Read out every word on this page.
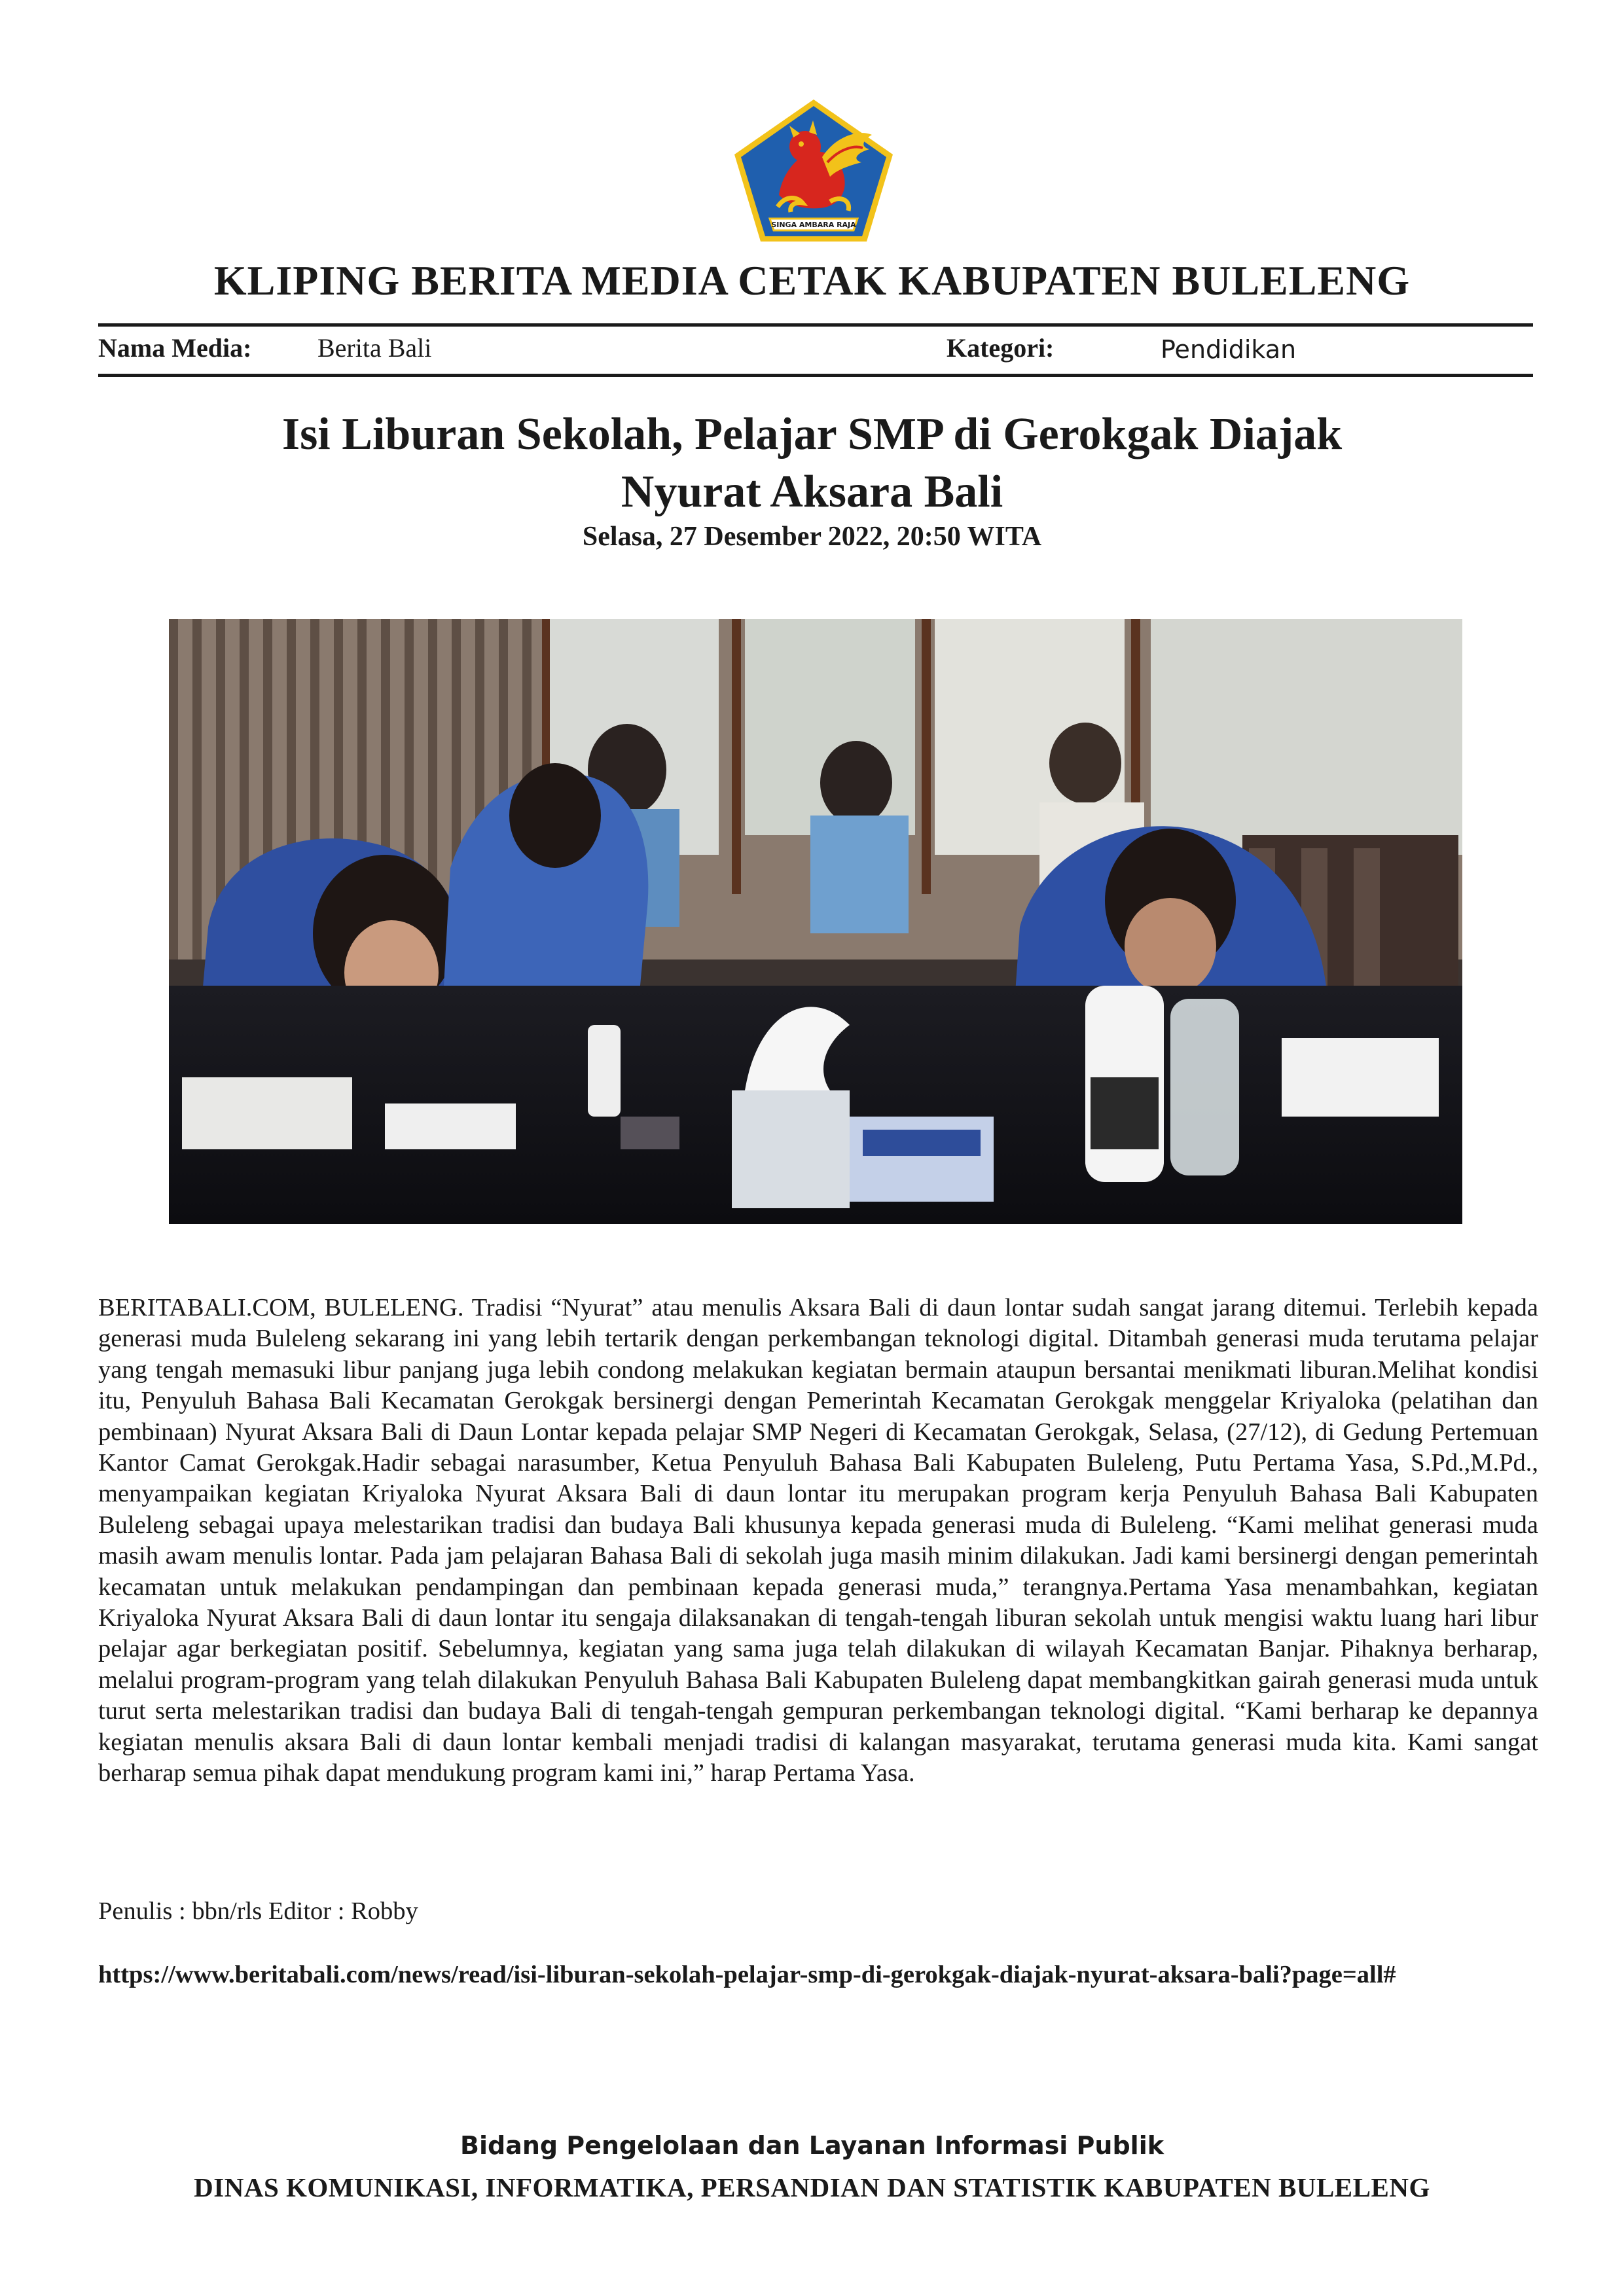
SINGA AMBARA RAJA
KLIPING BERITA MEDIA CETAK KABUPATEN BULELENG
Nama Media:	Berita Bali	Kategori:	Pendidikan
Isi Liburan Sekolah, Pelajar SMP di Gerokgak Diajak
Nyurat Aksara Bali
Selasa, 27 Desember 2022, 20:50 WITA
BERITABALI.COM, BULELENG. Tradisi “Nyurat” atau menulis Aksara Bali di daun lontar sudah sangat jarang ditemui. Terlebih kepada generasi muda Buleleng sekarang ini yang lebih tertarik dengan perkembangan teknologi digital. Ditambah generasi muda terutama pelajar yang tengah memasuki libur panjang juga lebih condong melakukan kegiatan bermain ataupun bersantai menikmati liburan.Melihat kondisi itu, Penyuluh Bahasa Bali Kecamatan Gerokgak bersinergi dengan Pemerintah Kecamatan Gerokgak menggelar Kriyaloka (pelatihan dan pembinaan) Nyurat Aksara Bali di Daun Lontar kepada pelajar SMP Negeri di Kecamatan Gerokgak, Selasa, (27/12), di Gedung Pertemuan Kantor Camat Gerokgak.Hadir sebagai narasumber, Ketua Penyuluh Bahasa Bali Kabupaten Buleleng, Putu Pertama Yasa, S.Pd.,M.Pd., menyampaikan kegiatan Kriyaloka Nyurat Aksara Bali di daun lontar itu merupakan program kerja Penyuluh Bahasa Bali Kabupaten Buleleng sebagai upaya melestarikan tradisi dan budaya Bali khusunya kepada generasi muda di Buleleng. “Kami melihat generasi muda masih awam menulis lontar. Pada jam pelajaran Bahasa Bali di sekolah juga masih minim dilakukan. Jadi kami bersinergi dengan pemerintah kecamatan untuk melakukan pendampingan dan pembinaan kepada generasi muda,” terangnya.Pertama Yasa menambahkan, kegiatan Kriyaloka Nyurat Aksara Bali di daun lontar itu sengaja dilaksanakan di tengah-tengah liburan sekolah untuk mengisi waktu luang hari libur pelajar agar berkegiatan positif. Sebelumnya, kegiatan yang sama juga telah dilakukan di wilayah Kecamatan Banjar. Pihaknya berharap, melalui program-program yang telah dilakukan Penyuluh Bahasa Bali Kabupaten Buleleng dapat membangkitkan gairah generasi muda untuk turut serta melestarikan tradisi dan budaya Bali di tengah-tengah gempuran perkembangan teknologi digital. “Kami berharap ke depannya kegiatan menulis aksara Bali di daun lontar kembali menjadi tradisi di kalangan masyarakat, terutama generasi muda kita. Kami sangat berharap semua pihak dapat mendukung program kami ini,” harap Pertama Yasa.
Penulis : bbn/rls Editor : Robby
https://www.beritabali.com/news/read/isi-liburan-sekolah-pelajar-smp-di-gerokgak-diajak-nyurat-aksara-bali?page=all#
Bidang Pengelolaan dan Layanan Informasi Publik
DINAS KOMUNIKASI, INFORMATIKA, PERSANDIAN DAN STATISTIK KABUPATEN BULELENG
